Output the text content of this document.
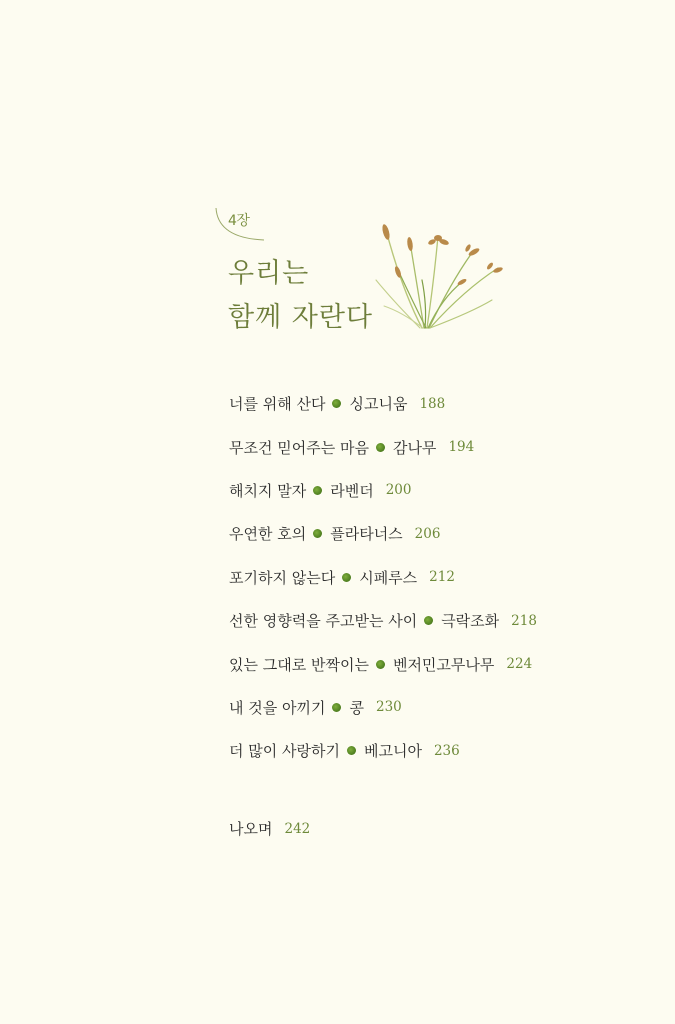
4장
우리는
함께 자란다
너를 위해 산다 싱고니움 188
무조건 믿어주는 마음 감나무 194
해치지 말자 라벤더 200
우연한 호의 플라타너스 206
포기하지 않는다 시페루스 212
선한 영향력을 주고받는 사이 극락조화 218
있는 그대로 반짝이는 벤저민고무나무 224
내 것을 아끼기 콩 230
더 많이 사랑하기 베고니아 236
나오며 242
